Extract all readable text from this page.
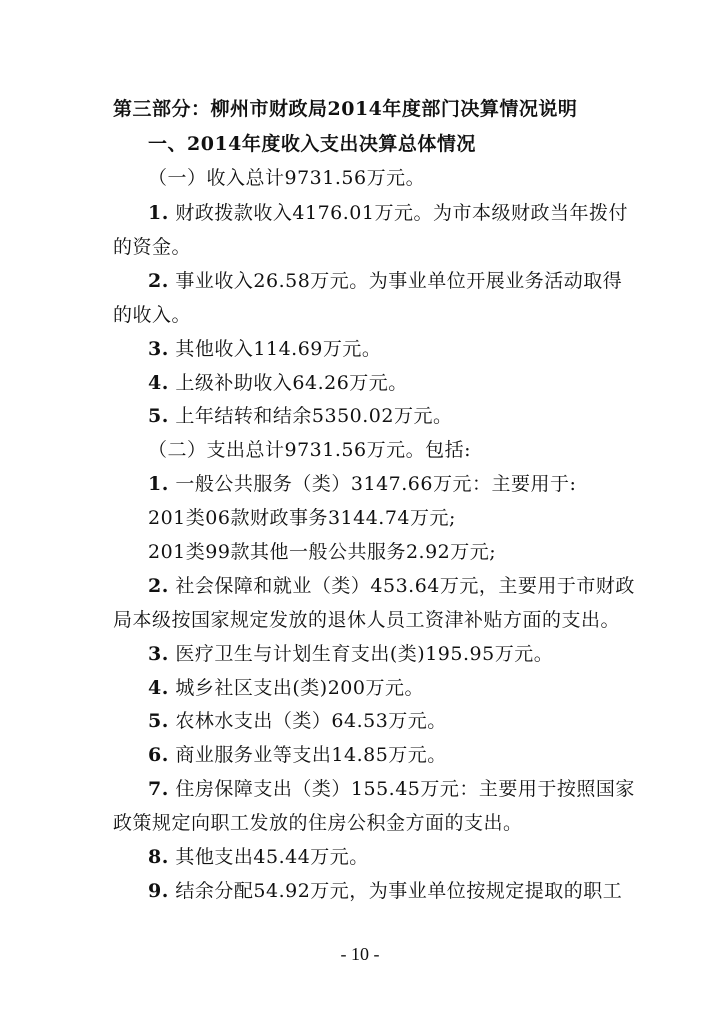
第三部分：柳州市财政局2014年度部门决算情况说明
一、2014年度收入支出决算总体情况
（一）收入总计9731.56万元。
1. 财政拨款收入4176.01万元。为市本级财政当年拨付
的资金。
2. 事业收入26.58万元。为事业单位开展业务活动取得
的收入。
3. 其他收入114.69万元。
4. 上级补助收入64.26万元。
5. 上年结转和结余5350.02万元。
（二）支出总计9731.56万元。包括:
1. 一般公共服务（类）3147.66万元：主要用于:
201类06款财政事务3144.74万元;
201类99款其他一般公共服务2.92万元;
2. 社会保障和就业（类）453.64万元，主要用于市财政
局本级按国家规定发放的退休人员工资津补贴方面的支出。
3. 医疗卫生与计划生育支出(类)195.95万元。
4. 城乡社区支出(类)200万元。
5. 农林水支出（类）64.53万元。
6. 商业服务业等支出14.85万元。
7. 住房保障支出（类）155.45万元：主要用于按照国家
政策规定向职工发放的住房公积金方面的支出。
8. 其他支出45.44万元。
9. 结余分配54.92万元，为事业单位按规定提取的职工
- 10 -
